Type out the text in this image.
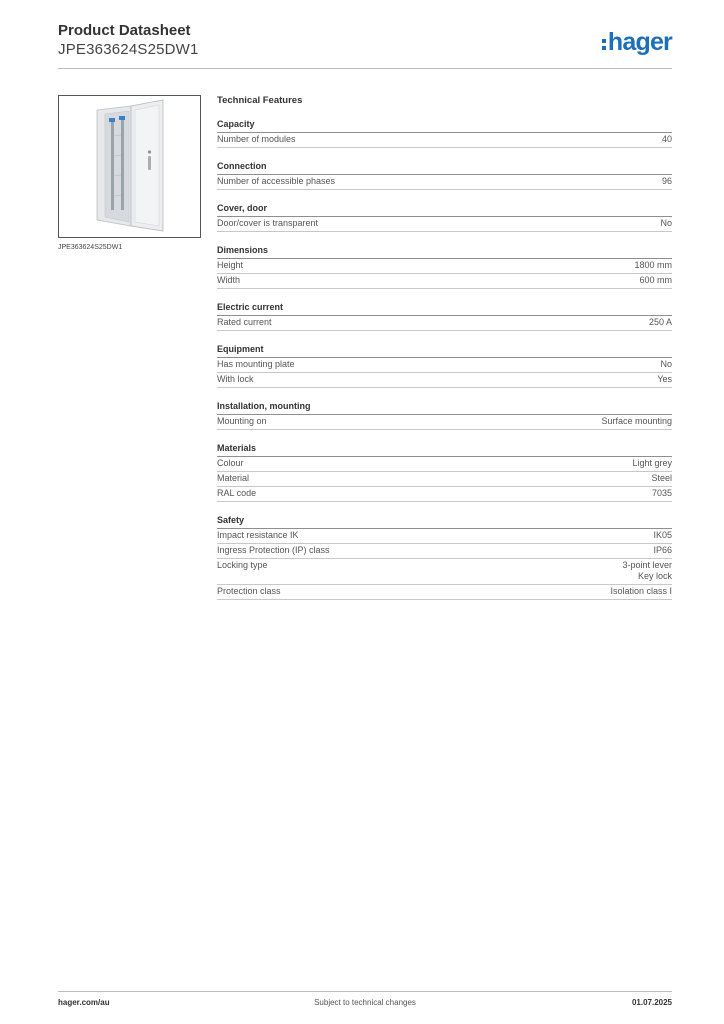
Product Datasheet
JPE363624S25DW1	hager
JPE363624S25DW1
Technical Features
Capacity
Number of modules	40
Connection
Number of accessible phases	96
Cover, door
Door/cover is transparent	No
Dimensions
Height	1800 mm
Width	600 mm
Electric current
Rated current	250 A
Equipment
Has mounting plate	No
With lock	Yes
Installation, mounting
Mounting on	Surface mounting
Materials
Colour	Light grey
Material	Steel
RAL code	7035
Safety
Impact resistance IK	IK05
Ingress Protection (IP) class	IP66
Locking type	3-point lever
Key lock
Protection class	Isolation class I
hager.com/au	Subject to technical changes	01.07.2025
